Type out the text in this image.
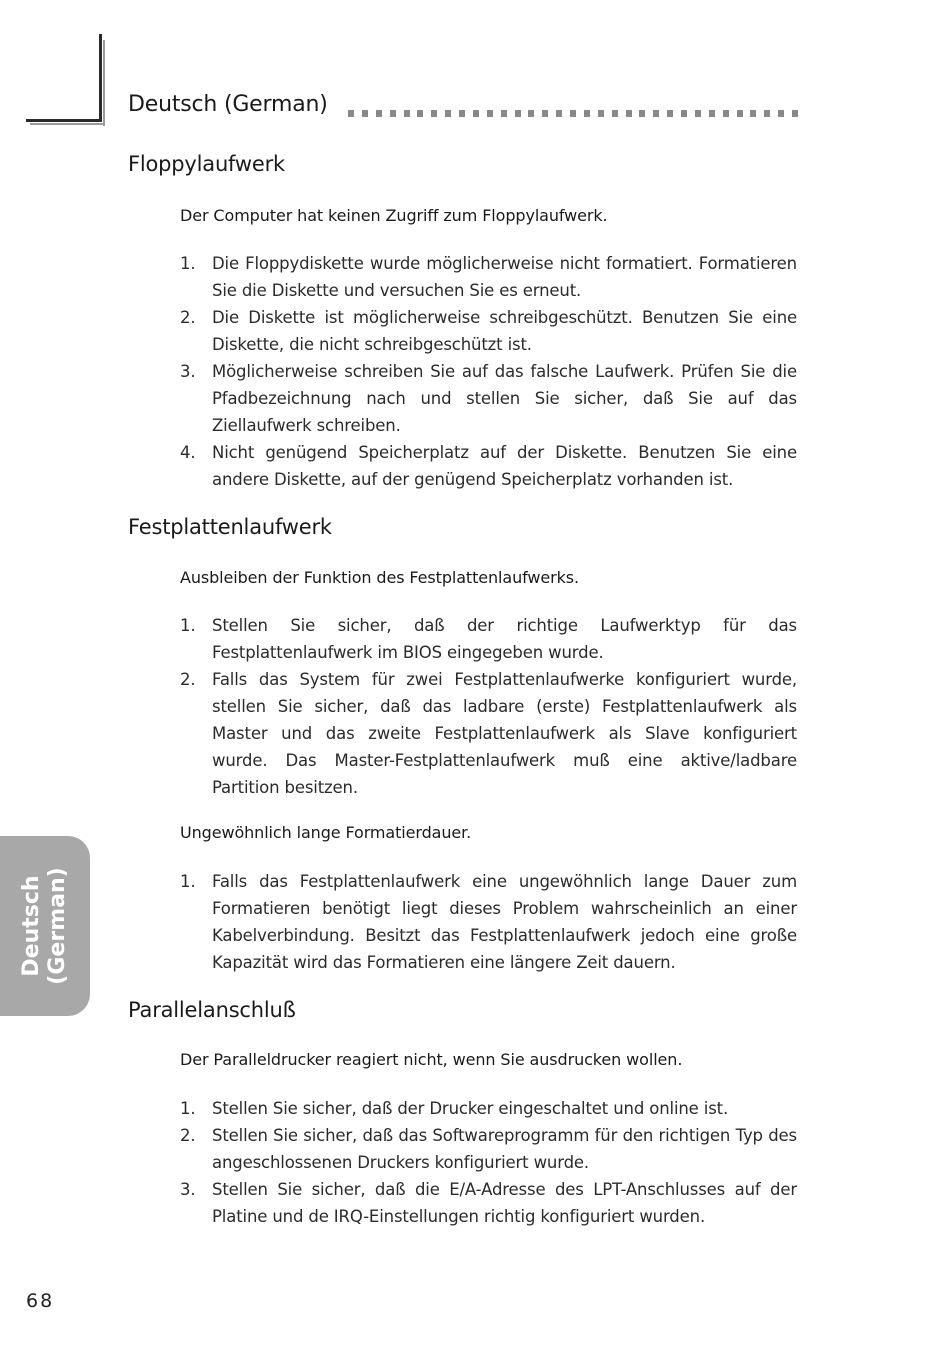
Deutsch (German)
Floppylaufwerk

Der Computer hat keinen Zugriff zum Floppylaufwerk.

1. Die Floppydiskette wurde möglicherweise nicht formatiert. Formatieren Sie die Diskette und versuchen Sie es erneut.
2. Die Diskette ist möglicherweise schreibgeschützt. Benutzen Sie eine Diskette, die nicht schreibgeschützt ist.
3. Möglicherweise schreiben Sie auf das falsche Laufwerk. Prüfen Sie die Pfadbezeichnung nach und stellen Sie sicher, daß Sie auf das Ziellaufwerk schreiben.
4. Nicht genügend Speicherplatz auf der Diskette. Benutzen Sie eine andere Diskette, auf der genügend Speicherplatz vorhanden ist.
Festplattenlaufwerk

Ausbleiben der Funktion des Festplattenlaufwerks.

1. Stellen Sie sicher, daß der richtige Laufwerktyp für das Festplattenlaufwerk im BIOS eingegeben wurde.
2. Falls das System für zwei Festplattenlaufwerke konfiguriert wurde, stellen Sie sicher, daß das ladbare (erste) Festplattenlaufwerk als Master und das zweite Festplattenlaufwerk als Slave konfiguriert wurde. Das Master-Festplattenlaufwerk muß eine aktive/ladbare Partition besitzen.

Ungewöhnlich lange Formatierdauer.

1. Falls das Festplattenlaufwerk eine ungewöhnlich lange Dauer zum Formatieren benötigt liegt dieses Problem wahrscheinlich an einer Kabelverbindung. Besitzt das Festplattenlaufwerk jedoch eine große Kapazität wird das Formatieren eine längere Zeit dauern.
Parallelanschluß

Der Paralleldrucker reagiert nicht, wenn Sie ausdrucken wollen.

1. Stellen Sie sicher, daß der Drucker eingeschaltet und online ist.
2. Stellen Sie sicher, daß das Softwareprogramm für den richtigen Typ des angeschlossenen Druckers konfiguriert wurde.
3. Stellen Sie sicher, daß die E/A-Adresse des LPT-Anschlusses auf der Platine und de IRQ-Einstellungen richtig konfiguriert wurden.
Deutsch (German)
68
